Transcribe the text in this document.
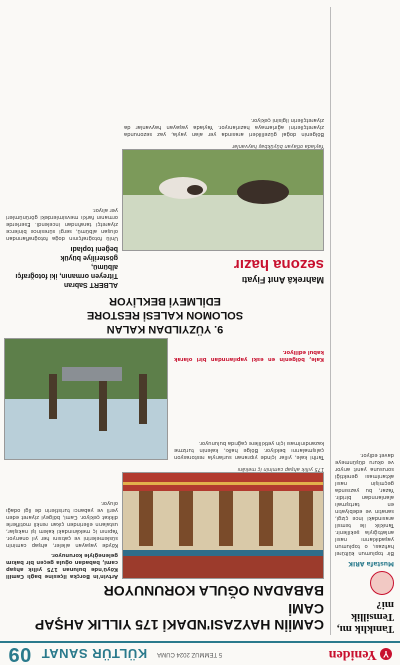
Y
Yeniden
5 TEMMUZ 2024 CUMA
KÜLTÜR SANAT
09
Tanıklık mı,
Temsillik mi?
Mustafa ARIK
Bir toplumun kültürel hafızası, o toplumun yaşadıklarını nasıl anlattığıyla şekillenir. Tanıklık ile temsil arasındaki ince çizgi, sanatın ve edebiyatın en tartışmalı alanlarından biridir. Yazar, bu yazısında geçmişin nasıl aktarılması gerektiği sorusuna yanıt arıyor ve okuru düşünmeye davet ediyor.
CAMİİN HAYZASI'NDAKİ 175 YILLIK AHŞAP CAMİ
BABADAN OĞULA KORUNUYOR
175 yıllık ahşap caminin iç mekânı
Artvin'in Borçka ilçesine bağlı Camili Köyü'nde bulunan 175 yıllık ahşap cami, babadan oğula geçen bir bakım geleneğiyle korunuyor.
Köyde yaşayan aileler, ahşap caminin süslemelerini ve çatısını her yıl onarıyor. Yapının iç mekânındaki kalem işi nakışlar, ustaların ellerinden çıkan renkli motiflerle dikkat çekiyor. Cami, bölgeyi ziyaret eden yerli ve yabancı turistlerin de ilgi odağı oluyor.
Tarihi kale, yıllar içinde yıpranan surlarıyla restorasyon çalışmalarını bekliyor. Bölge halkı, kalenin turizme kazandırılması için yetkililere çağrıda bulunuyor.
Kale, bölgenin en eski yapılarından biri olarak kabul ediliyor.
9. YÜZYILDAN KALAN
SOLOMON KALESİ RESTORE
EDİLMEYİ BEKLİYOR
ALBERT Sabran
Titreyen ormanın, iki fotoğrafçı albümü,
gösteriliye büyük
beğeni topladı
Ünlü fotoğrafçının doğa fotoğraflarından oluşan albümü, sergi süresince binlerce ziyaretçi tarafından incelendi. Eserlerde ormanın farklı mevsimlerdeki görünümleri yer alıyor.
Mahrekâ Anıt Fiyatı
sezona hazır
Yaylada otlayan büyükbaş hayvanlar
Bölgenin doğal güzellikleri arasında yer alan yayla, yaz sezonunda ziyaretçilerini ağırlamaya hazırlanıyor. Yaylada yaşayan hayvanlar da ziyaretçilerin ilgisini çekiyor.
